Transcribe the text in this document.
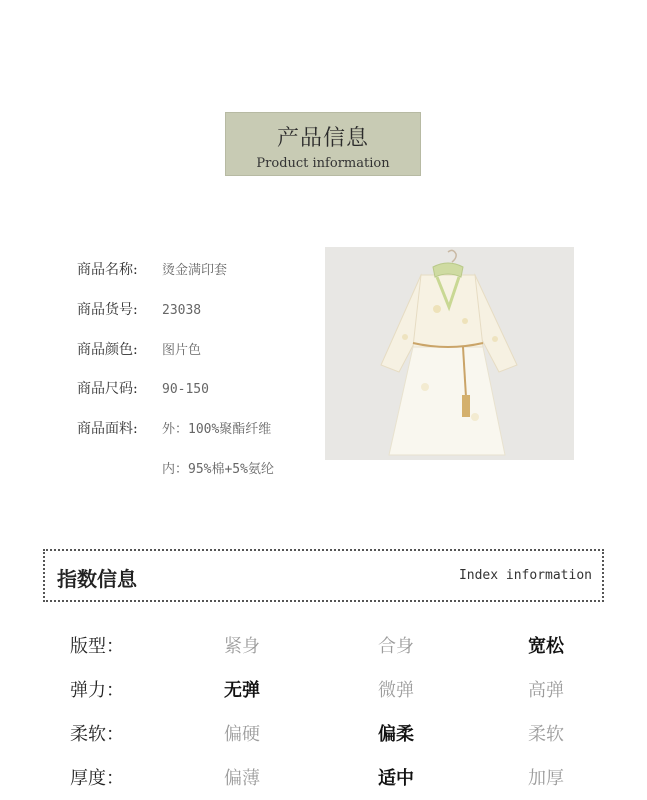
产品信息
Product information
商品名称: 烫金满印套
商品货号: 23038
商品颜色: 图片色
商品尺码: 90-150
商品面料: 外：100%聚酯纤维
内：95%棉+5%氨纶
指数信息	Index information
版型：	紧身	合身	宽松
弹力：	无弹	微弹	高弹
柔软：	偏硬	偏柔	柔软
厚度：	偏薄	适中	加厚
